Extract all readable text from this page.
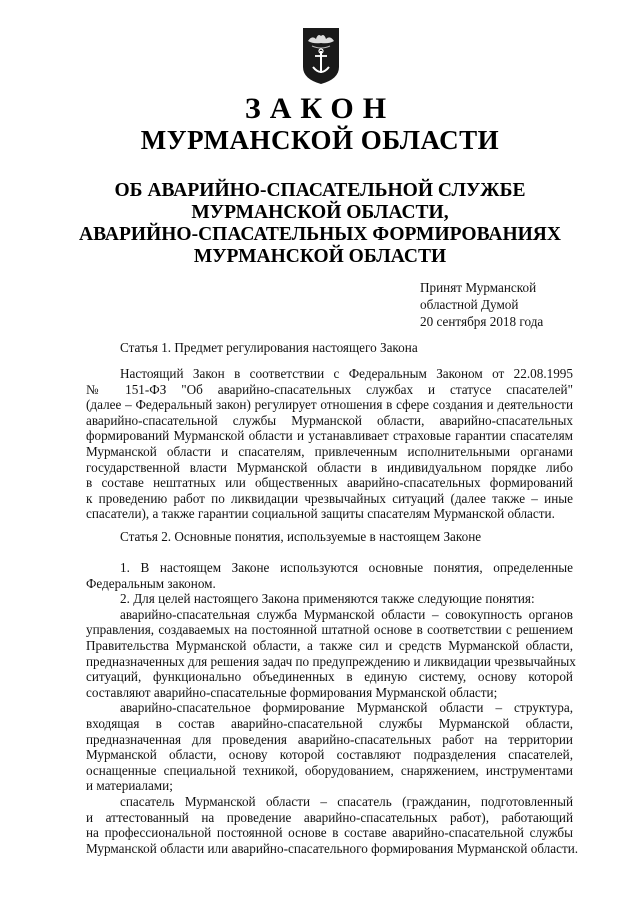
ЗАКОН
МУРМАНСКОЙ ОБЛАСТИ
ОБ АВАРИЙНО-СПАСАТЕЛЬНОЙ СЛУЖБЕ
МУРМАНСКОЙ ОБЛАСТИ,
АВАРИЙНО-СПАСАТЕЛЬНЫХ ФОРМИРОВАНИЯХ
МУРМАНСКОЙ ОБЛАСТИ
Принят Мурманской
областной Думой
20 сентября 2018 года
Статья 1. Предмет регулирования настоящего Закона
Настоящий Закон в соответствии с Федеральным Законом от 22.08.1995
№ 151-ФЗ "Об аварийно-спасательных службах и статусе спасателей"
(далее – Федеральный закон) регулирует отношения в сфере создания и деятельности
аварийно-спасательной службы Мурманской области, аварийно-спасательных
формирований Мурманской области и устанавливает страховые гарантии спасателям
Мурманской области и спасателям, привлеченным исполнительными органами
государственной власти Мурманской области в индивидуальном порядке либо
в составе нештатных или общественных аварийно-спасательных формирований
к проведению работ по ликвидации чрезвычайных ситуаций (далее также – иные
спасатели), а также гарантии социальной защиты спасателям Мурманской области.
Статья 2. Основные понятия, используемые в настоящем Законе
1. В настоящем Законе используются основные понятия, определенные
Федеральным законом.
2. Для целей настоящего Закона применяются также следующие понятия:
аварийно-спасательная служба Мурманской области – совокупность органов
управления, создаваемых на постоянной штатной основе в соответствии с решением
Правительства Мурманской области, а также сил и средств Мурманской области,
предназначенных для решения задач по предупреждению и ликвидации чрезвычайных
ситуаций, функционально объединенных в единую систему, основу которой
составляют аварийно-спасательные формирования Мурманской области;
аварийно-спасательное формирование Мурманской области – структура,
входящая в состав аварийно-спасательной службы Мурманской области,
предназначенная для проведения аварийно-спасательных работ на территории
Мурманской области, основу которой составляют подразделения спасателей,
оснащенные специальной техникой, оборудованием, снаряжением, инструментами
и материалами;
спасатель Мурманской области – спасатель (гражданин, подготовленный
и аттестованный на проведение аварийно-спасательных работ), работающий
на профессиональной постоянной основе в составе аварийно-спасательной службы
Мурманской области или аварийно-спасательного формирования Мурманской области.
